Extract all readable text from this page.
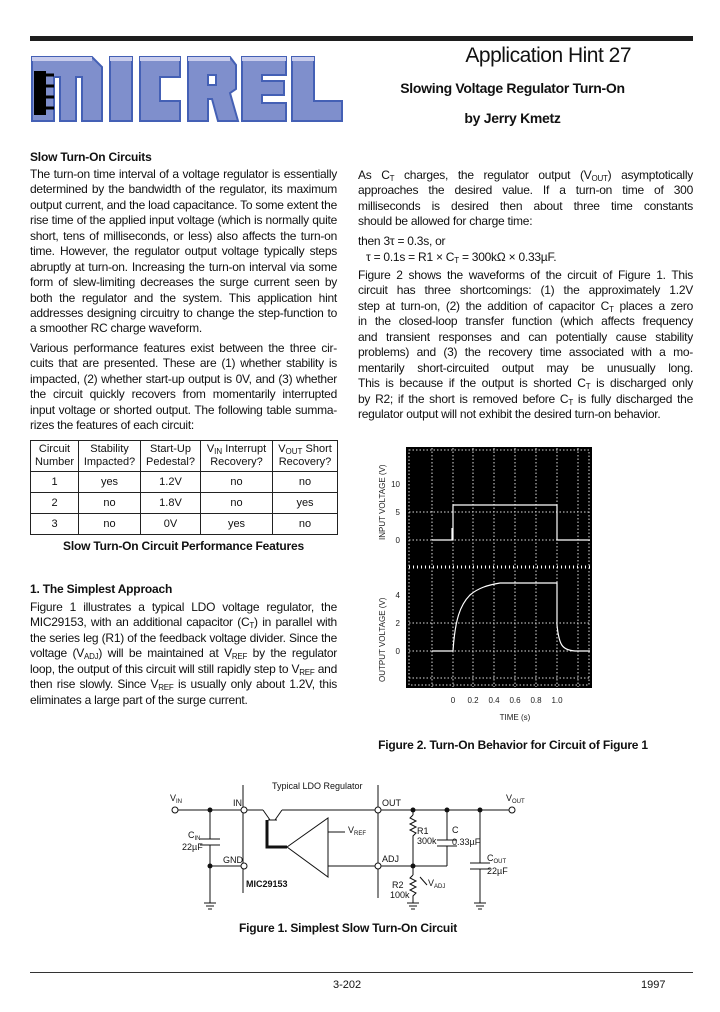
Application Hint 27
Slowing Voltage Regulator Turn-On
by Jerry Kmetz
Slow Turn-On Circuits
The turn-on time interval of a voltage regulator is essentially
determined by the bandwidth of the regulator, its maximum
output current, and the load capacitance. To some extent the
rise time of the applied input voltage (which is normally quite
short, tens of milliseconds, or less) also affects the turn-on
time. However, the regulator output voltage typically steps
abruptly at turn-on. Increasing the turn-on interval via some
form of slew-limiting decreases the surge current seen by
both the regulator and the system. This application hint
addresses designing circuitry to change the step-function to
a smoother RC charge waveform.
Various performance features exist between the three cir-
cuits that are presented. These are (1) whether stability is
impacted, (2) whether start-up output is 0V, and (3) whether
the circuit quickly recovers from momentarily interrupted
input voltage or shorted output. The following table summa-
rizes the features of each circuit:
Circuit Number	Stability Impacted?	Start-Up Pedestal?	$V_{IN}$ Interrupt Recovery?	$V_{OUT}$ Short Recovery?
1	yes	1.2V	no	no
2	no	1.8V	no	yes
3	no	0V	yes	no
Slow Turn-On Circuit Performance Features
1. The Simplest Approach
Figure 1 illustrates a typical LDO voltage regulator, the
MIC29153, with an additional capacitor $(C_T)$ in parallel with
the series leg (R1) of the feedback voltage divider. Since the
voltage $(V_{ADJ})$ will be maintained at $V_{REF}$ by the regulator
loop, the output of this circuit will still rapidly step to $V_{REF}$ and
then rise slowly. Since $V_{REF}$ is usually only about 1.2V, this
eliminates a large part of the surge current.
As $C_T$ charges, the regulator output $(V_{OUT})$ asymptotically
approaches the desired value. If a turn-on time of 300
milliseconds is desired then about three time constants
should be allowed for charge time:
then 3τ = 0.3s, or
$\tau = 0.1s = R1 \times C_T = 300k\Omega \times 0.33\mu F$.
Figure 2 shows the waveforms of the circuit of Figure 1. This
circuit has three shortcomings: (1) the approximately 1.2V
step at turn-on, (2) the addition of capacitor $C_T$ places a zero
in the closed-loop transfer function (which affects frequency
and transient responses and can potentially cause stability
problems) and (3) the recovery time associated with a mo-
mentarily short-circuited output may be unusually long.
This is because if the output is shorted $C_T$ is discharged only
by R2; if the short is removed before $C_T$ is fully discharged the
regulator output will not exhibit the desired turn-on behavior.
INPUT VOLTAGE (V)
OUTPUT VOLTAGE (V)
10
5
0
4
2
0
0 0.2 0.4 0.6 0.8 1.0
TIME (s)
Figure 2. Turn-On Behavior for Circuit of Figure 1
Typical LDO Regulator
$V_{IN}$	IN
GND
OUT
ADJ
$V_{REF}$
$C_{IN}$
22µF
R1
300k
C
0.33µF
R2
100k
$V_{ADJ}$
$C_{OUT}$
22µF
$V_{OUT}$
MIC29153
Figure 1. Simplest Slow Turn-On Circuit
3-202	1997
